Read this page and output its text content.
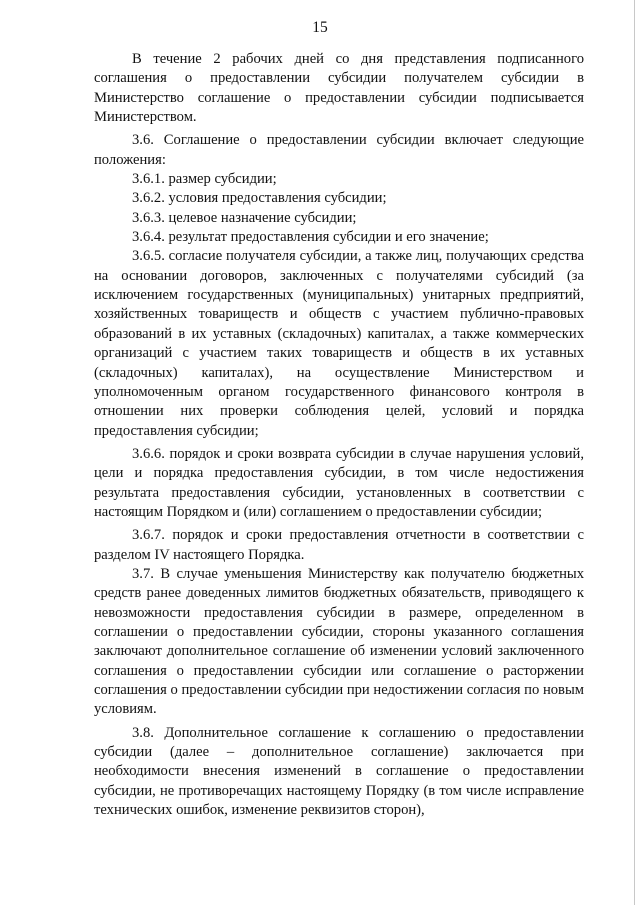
15

В течение 2 рабочих дней со дня представления подписанного соглашения о предоставлении субсидии получателем субсидии в Министерство соглашение о предоставлении субсидии подписывается Министерством.

3.6. Соглашение о предоставлении субсидии включает следующие положения:

3.6.1. размер субсидии;

3.6.2. условия предоставления субсидии;

3.6.3. целевое назначение субсидии;

3.6.4. результат предоставления субсидии и его значение;

3.6.5. согласие получателя субсидии, а также лиц, получающих средства на основании договоров, заключенных с получателями субсидий (за исключением государственных (муниципальных) унитарных предприятий, хозяйственных товариществ и обществ с участием публично-правовых образований в их уставных (складочных) капиталах, а также коммерческих организаций с участием таких товариществ и обществ в их уставных (складочных) капиталах), на осуществление Министерством и уполномоченным органом государственного финансового контроля в отношении них проверки соблюдения целей, условий и порядка предоставления субсидии;

3.6.6. порядок и сроки возврата субсидии в случае нарушения условий, цели и порядка предоставления субсидии, в том числе недостижения результата предоставления субсидии, установленных в соответствии с настоящим Порядком и (или) соглашением о предоставлении субсидии;

3.6.7. порядок и сроки предоставления отчетности в соответствии с разделом IV настоящего Порядка.

3.7. В случае уменьшения Министерству как получателю бюджетных средств ранее доведенных лимитов бюджетных обязательств, приводящего к невозможности предоставления субсидии в размере, определенном в соглашении о предоставлении субсидии, стороны указанного соглашения заключают дополнительное соглашение об изменении условий заключенного соглашения о предоставлении субсидии или соглашение о расторжении соглашения о предоставлении субсидии при недостижении согласия по новым условиям.

3.8. Дополнительное соглашение к соглашению о предоставлении субсидии (далее – дополнительное соглашение) заключается при необходимости внесения изменений в соглашение о предоставлении субсидии, не противоречащих настоящему Порядку (в том числе исправление технических ошибок, изменение реквизитов сторон),
